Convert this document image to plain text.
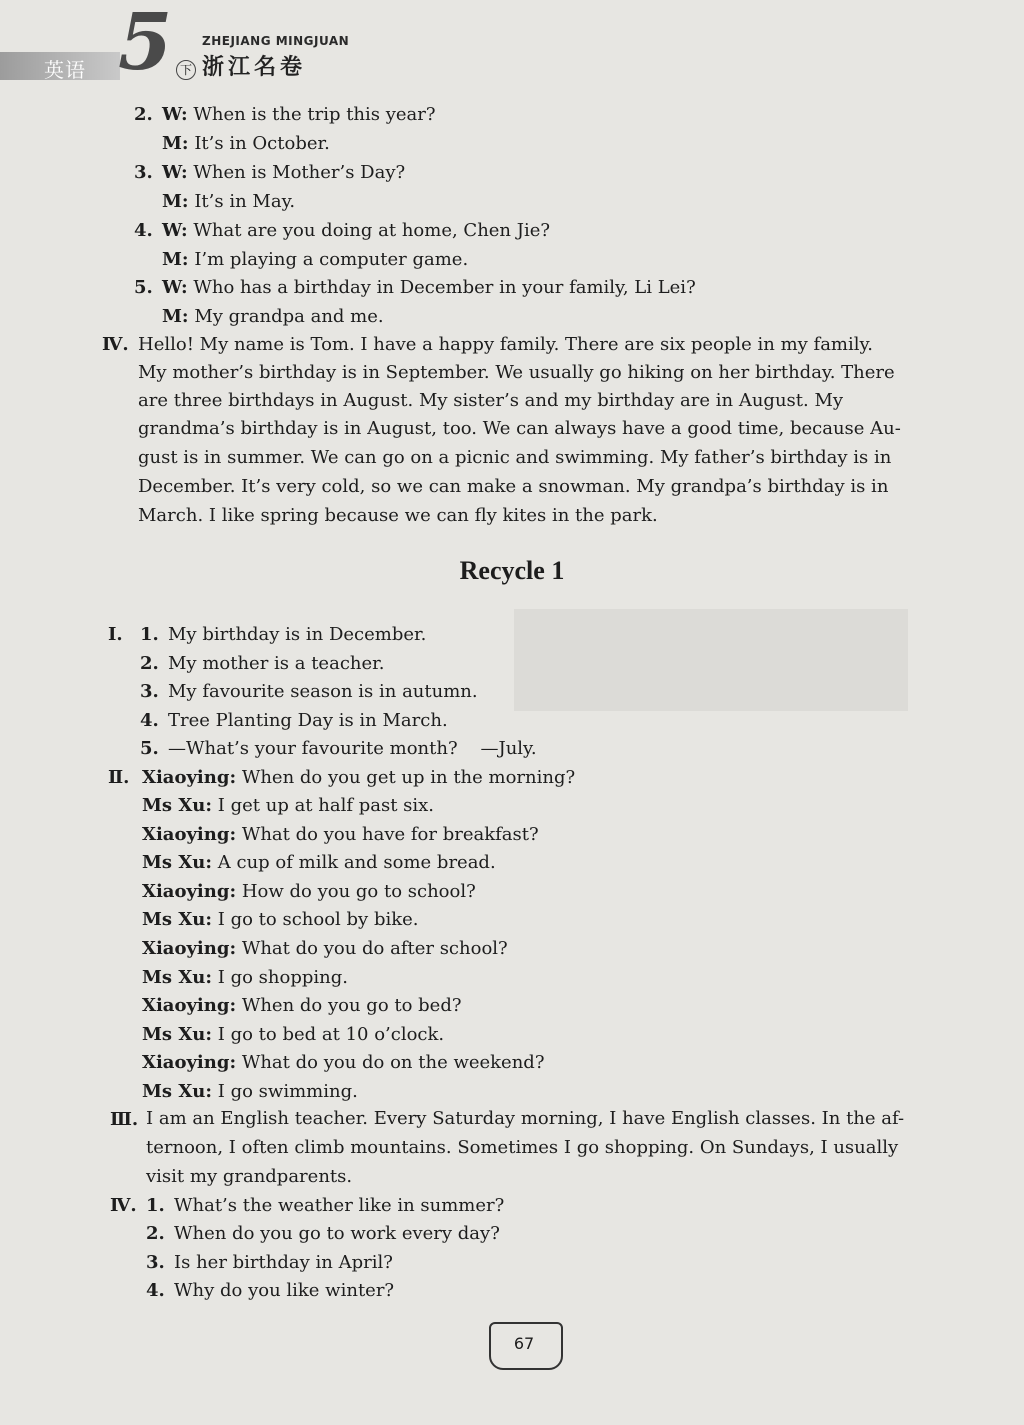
英语 5 下
ZHEJIANG MINGJUAN
浙江名卷
2. W: When is the trip this year?
M: It’s in October.
3. W: When is Mother’s Day?
M: It’s in May.
4. W: What are you doing at home, Chen Jie?
M: I’m playing a computer game.
5. W: Who has a birthday in December in your family, Li Lei?
M: My grandpa and me.
Ⅳ. Hello! My name is Tom. I have a happy family. There are six people in my family.
My mother’s birthday is in September. We usually go hiking on her birthday. There
are three birthdays in August. My sister’s and my birthday are in August. My
grandma’s birthday is in August, too. We can always have a good time, because Au-
gust is in summer. We can go on a picnic and swimming. My father’s birthday is in
December. It’s very cold, so we can make a snowman. My grandpa’s birthday is in
March. I like spring because we can fly kites in the park.
Recycle 1
Ⅰ. 1. My birthday is in December.
2. My mother is a teacher.
3. My favourite season is in autumn.
4. Tree Planting Day is in March.
5. —What’s your favourite month?    —July.
Ⅱ. Xiaoying: When do you get up in the morning?
Ms Xu: I get up at half past six.
Xiaoying: What do you have for breakfast?
Ms Xu: A cup of milk and some bread.
Xiaoying: How do you go to school?
Ms Xu: I go to school by bike.
Xiaoying: What do you do after school?
Ms Xu: I go shopping.
Xiaoying: When do you go to bed?
Ms Xu: I go to bed at 10 o’clock.
Xiaoying: What do you do on the weekend?
Ms Xu: I go swimming.
Ⅲ. I am an English teacher. Every Saturday morning, I have English classes. In the af-
ternoon, I often climb mountains. Sometimes I go shopping. On Sundays, I usually
visit my grandparents.
Ⅳ. 1. What’s the weather like in summer?
2. When do you go to work every day?
3. Is her birthday in April?
4. Why do you like winter?
67
